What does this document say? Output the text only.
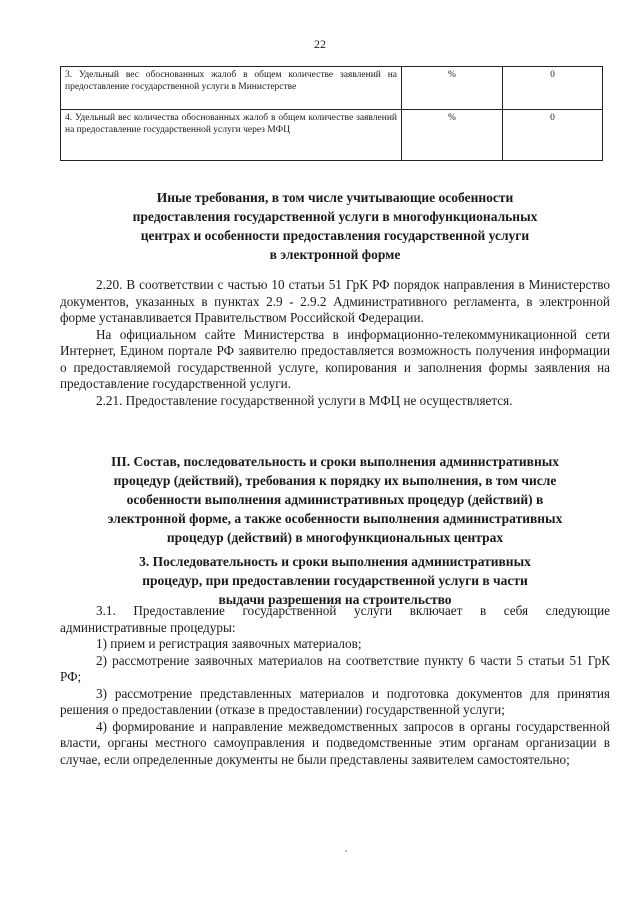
22
3. Удельный вес обоснованных жалоб в общем количестве заявлений на предоставление государственной услуги в Министерстве	%	0
4. Удельный вес количества обоснованных жалоб в общем количестве заявлений на предоставление государственной услуги через МФЦ	%	0

Иные требования, в том числе учитывающие особенности
предоставления государственной услуги в многофункциональных
центрах и особенности предоставления государственной услуги
в электронной форме

2.20. В соответствии с частью 10 статьи 51 ГрК РФ порядок направления в Министерство документов, указанных в пунктах 2.9 - 2.9.2 Административного регламента, в электронной форме устанавливается Правительством Российской Федерации.

На официальном сайте Министерства в информационно-телекоммуникационной сети Интернет, Едином портале РФ заявителю предоставляется возможность получения информации о предоставляемой государственной услуге, копирования и заполнения формы заявления на предоставление государственной услуги.

2.21. Предоставление государственной услуги в МФЦ не осуществляется.

III. Состав, последовательность и сроки выполнения административных
процедур (действий), требования к порядку их выполнения, в том числе
особенности выполнения административных процедур (действий) в
электронной форме, а также особенности выполнения административных
процедур (действий) в многофункциональных центрах

3. Последовательность и сроки выполнения административных
процедур, при предоставлении государственной услуги в части
выдачи разрешения на строительство

3.1. Предоставление государственной услуги включает в себя следующие административные процедуры:

1) прием и регистрация заявочных материалов;

2) рассмотрение заявочных материалов на соответствие пункту 6 части 5 статьи 51 ГрК РФ;

3) рассмотрение представленных материалов и подготовка документов для принятия решения о предоставлении (отказе в предоставлении) государственной услуги;

4) формирование и направление межведомственных запросов в органы государственной власти, органы местного самоуправления и подведомственные этим органам организации в случае, если определенные документы не были представлены заявителем самостоятельно;
